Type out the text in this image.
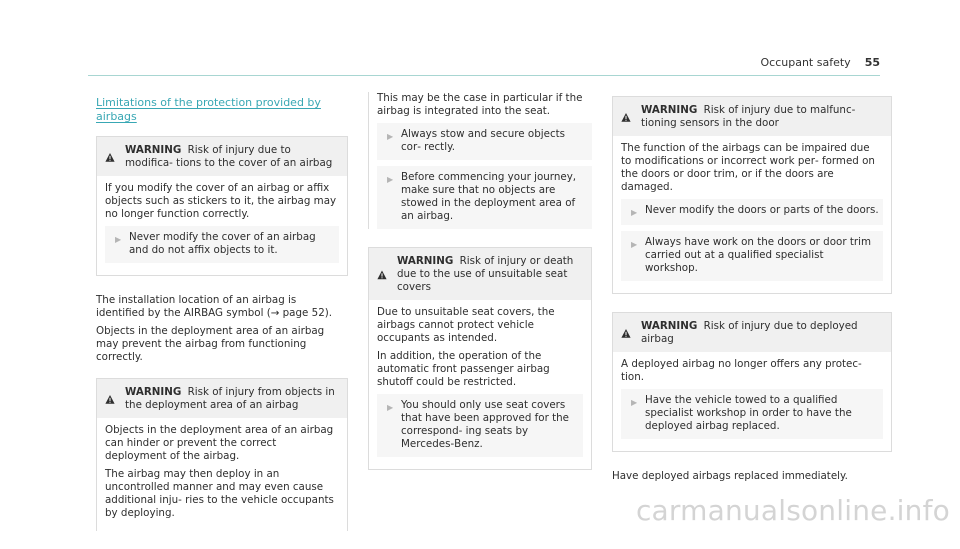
Occupant safety 55
Limitations of the protection provided by airbags
WARNING Risk of injury due to modifica‑ tions to the cover of an airbag

If you modify the cover of an airbag or affix objects such as stickers to it, the airbag may no longer function correctly.

▶ Never modify the cover of an airbag and do not affix objects to it.

The installation location of an airbag is identified by the AIRBAG symbol (→ page 52).

Objects in the deployment area of an airbag may prevent the airbag from functioning correctly.

WARNING Risk of injury from objects in the deployment area of an airbag

Objects in the deployment area of an airbag can hinder or prevent the correct deployment of the airbag.

The airbag may then deploy in an uncontrolled manner and may even cause additional inju‑ ries to the vehicle occupants by deploying.

This may be the case in particular if the airbag is integrated into the seat.

▶ Always stow and secure objects cor‑ rectly.
▶ Before commencing your journey, make sure that no objects are stowed in the deployment area of an airbag.
WARNING Risk of injury or death due to the use of unsuitable seat covers

Due to unsuitable seat covers, the airbags cannot protect vehicle occupants as intended.

In addition, the operation of the automatic front passenger airbag shutoff could be restricted.

▶ You should only use seat covers that have been approved for the correspond‑ ing seats by Mercedes‑Benz.
WARNING Risk of injury due to malfunc‑ tioning sensors in the door

The function of the airbags can be impaired due to modifications or incorrect work per‑ formed on the doors or door trim, or if the doors are damaged.

▶ Never modify the doors or parts of the doors.
▶ Always have work on the doors or door trim carried out at a qualified specialist workshop.
WARNING Risk of injury due to deployed airbag

A deployed airbag no longer offers any protec‑ tion.

▶ Have the vehicle towed to a qualified specialist workshop in order to have the deployed airbag replaced.

Have deployed airbags replaced immediately.

carmanualsonline.info
